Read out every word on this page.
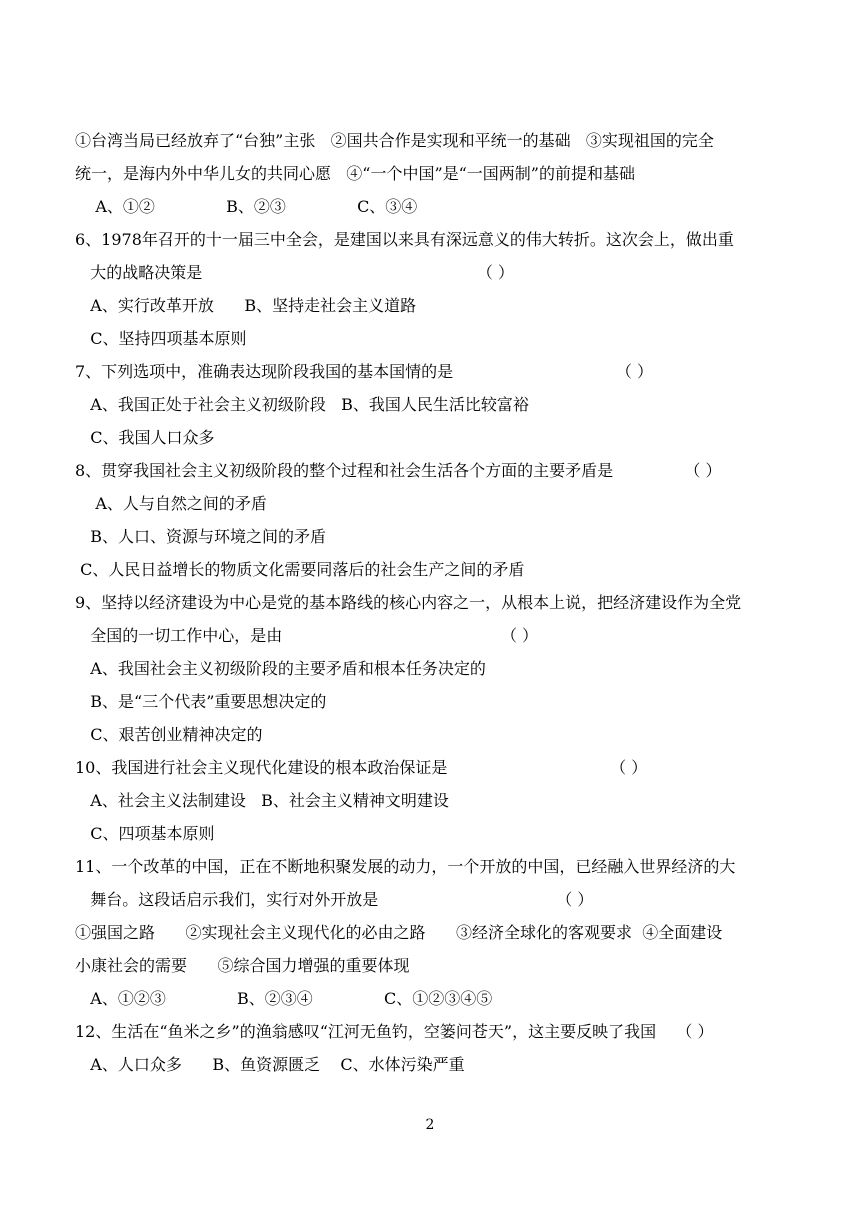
①台湾当局已经放弃了“台独”主张   ②国共合作是实现和平统一的基础   ③实现祖国的完全
统一，是海内外中华儿女的共同心愿   ④“一个中国”是“一国两制”的前提和基础
A、①②              B、②③              C、③④
6、1978年召开的十一届三中全会，是建国以来具有深远意义的伟大转折。这次会上，做出重
大的战略决策是                                                      （ ）
A、实行改革开放      B、坚持走社会主义道路
C、坚持四项基本原则
7、下列选项中，准确表达现阶段我国的基本国情的是                                （ ）
A、我国正处于社会主义初级阶段   B、我国人民生活比较富裕
C、我国人口众多
8、贯穿我国社会主义初级阶段的整个过程和社会生活各个方面的主要矛盾是              （ ）
A、人与自然之间的矛盾
B、人口、资源与环境之间的矛盾
C、人民日益增长的物质文化需要同落后的社会生产之间的矛盾
9、坚持以经济建设为中心是党的基本路线的核心内容之一，从根本上说，把经济建设作为全党
全国的一切工作中心，是由                                           （ ）
A、我国社会主义初级阶段的主要矛盾和根本任务决定的
B、是“三个代表”重要思想决定的
C、艰苦创业精神决定的
10、我国进行社会主义现代化建设的根本政治保证是                                （ ）
A、社会主义法制建设   B、社会主义精神文明建设
C、四项基本原则
11、一个改革的中国，正在不断地积聚发展的动力，一个开放的中国，已经融入世界经济的大
舞台。这段话启示我们，实行对外开放是                                   （ ）
①强国之路      ②实现社会主义现代化的必由之路      ③经济全球化的客观要求  ④全面建设
小康社会的需要      ⑤综合国力增强的重要体现
A、①②③              B、②③④              C、①②③④⑤
12、生活在“鱼米之乡”的渔翁感叹“江河无鱼钓，空篓问苍天”，这主要反映了我国    （ ）
A、人口众多      B、鱼资源匮乏    C、水体污染严重
2
